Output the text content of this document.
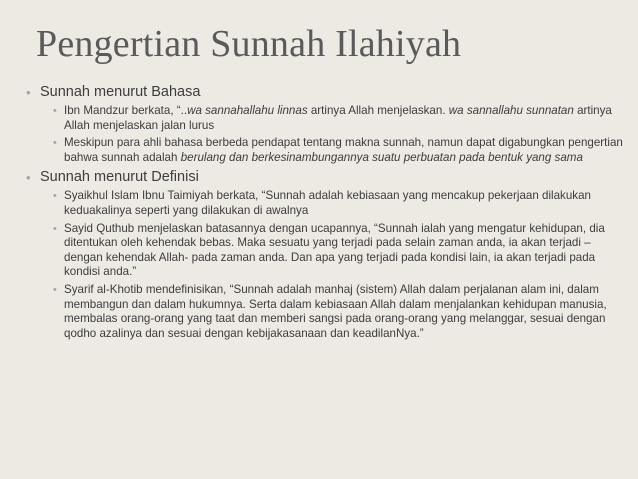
Pengertian Sunnah Ilahiyah
• Sunnah menurut Bahasa
• Ibn Mandzur berkata, “..wa sannahallahu linnas artinya Allah menjelaskan. wa sannallahu sunnatan artinya Allah menjelaskan jalan lurus
• Meskipun para ahli bahasa berbeda pendapat tentang makna sunnah, namun dapat digabungkan pengertian bahwa sunnah adalah berulang dan berkesinambungannya suatu perbuatan pada bentuk yang sama
• Sunnah menurut Definisi
• Syaikhul Islam Ibnu Taimiyah berkata, “Sunnah adalah kebiasaan yang mencakup pekerjaan dilakukan keduakalinya seperti yang dilakukan di awalnya
• Sayid Quthub menjelaskan batasannya dengan ucapannya, “Sunnah ialah yang mengatur kehidupan, dia ditentukan oleh kehendak bebas. Maka sesuatu yang terjadi pada selain zaman anda, ia akan terjadi –dengan kehendak Allah- pada zaman anda. Dan apa yang terjadi pada kondisi lain, ia akan terjadi pada kondisi anda.”
• Syarif al-Khotib mendefinisikan, “Sunnah adalah manhaj (sistem) Allah dalam perjalanan alam ini, dalam membangun dan dalam hukumnya. Serta dalam kebiasaan Allah dalam menjalankan kehidupan manusia, membalas orang-orang yang taat dan memberi sangsi pada orang-orang yang melanggar, sesuai dengan qodho azalinya dan sesuai dengan kebijakasanaan dan keadilanNya.”
